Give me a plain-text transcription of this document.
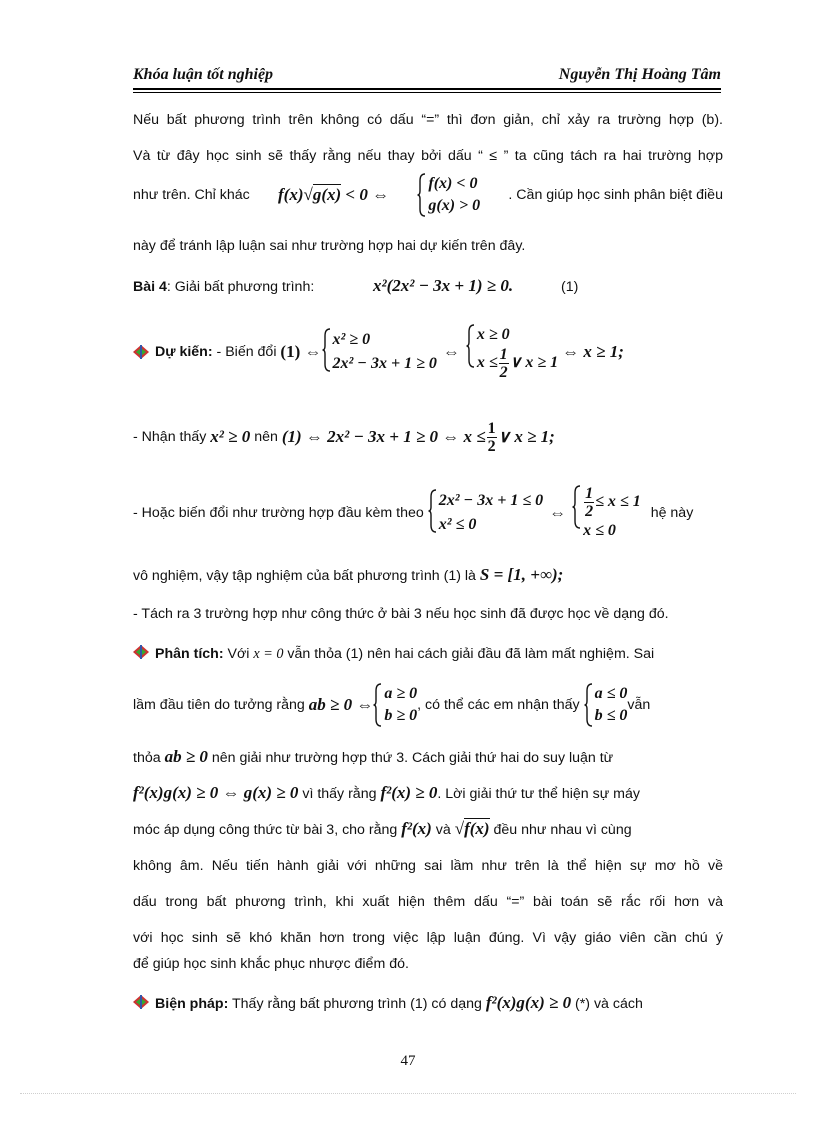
Khóa luận tốt nghiệp	Nguyễn Thị Hoàng Tâm
Nếu bất phương trình trên không có dấu “=” thì đơn giản, chỉ xảy ra trường hợp (b).
Và từ đây học sinh sẽ thấy rằng nếu thay bởi dấu “ ≤ ” ta cũng tách ra hai trường hợp
như trên. Chỉ khác f(x)√g(x) < 0 ⇔
f(x) < 0
g(x) > 0
. Cần giúp học sinh phân biệt điều
này để tránh lập luận sai như trường hợp hai dự kiến trên đây.
Bài 4: Giải bất phương trình:	x²(2x² − 3x + 1) ≥ 0.	(1)
Dự kiến:
- Biến đổi
(1) ⇔
x² ≥ 0
2x² − 3x + 1 ≥ 0
⇔
x ≥ 0
$x \le \frac{1}{2}$ ∨ x ≥ 1
⇔ x ≥ 1;
- Nhận thấy
x² ≥ 0
nên
(1) ⇔ 2x² − 3x + 1 ≥ 0 ⇔ $x \le \frac{1}{2}$ ∨ x ≥ 1;
- Hoặc biến đổi như trường hợp đầu kèm theo

2x² − 3x + 1 ≤ 0
x² ≤ 0
⇔ $\frac{1}{2} \le x \le 1$
x ≤ 0
hệ này
vô nghiệm, vậy tập nghiệm của bất phương trình (1) là S = [1, +∞);
- Tách ra 3 trường hợp như công thức ở bài 3 nếu học sinh đã được học về dạng đó.
Phân tích: Với x = 0 vẫn thỏa (1) nên hai cách giải đầu đã làm mất nghiệm. Sai
lầm đầu tiên do tưởng rằng
ab ≥ 0 ⇔
a ≥ 0
b ≥ 0
, có thể các em nhận thấy

a ≤ 0
b ≤ 0
vẫn
thỏa ab ≥ 0 nên giải như trường hợp thứ 3. Cách giải thứ hai do suy luận từ
f²(x)g(x) ≥ 0 ⇔ g(x) ≥ 0 vì thấy rằng f²(x) ≥ 0. Lời giải thứ tư thể hiện sự máy
móc áp dụng công thức từ bài 3, cho rằng f²(x) và √f(x) đều như nhau vì cùng
không âm. Nếu tiến hành giải với những sai lầm như trên là thể hiện sự mơ hồ về
dấu trong bất phương trình, khi xuất hiện thêm dấu “=” bài toán sẽ rắc rối hơn và
với học sinh sẽ khó khăn hơn trong việc lập luận đúng. Vì vậy giáo viên cần chú ý
để giúp học sinh khắc phục nhược điểm đó.
Biện pháp: Thấy rằng bất phương trình (1) có dạng f²(x)g(x) ≥ 0 (*) và cách
47
